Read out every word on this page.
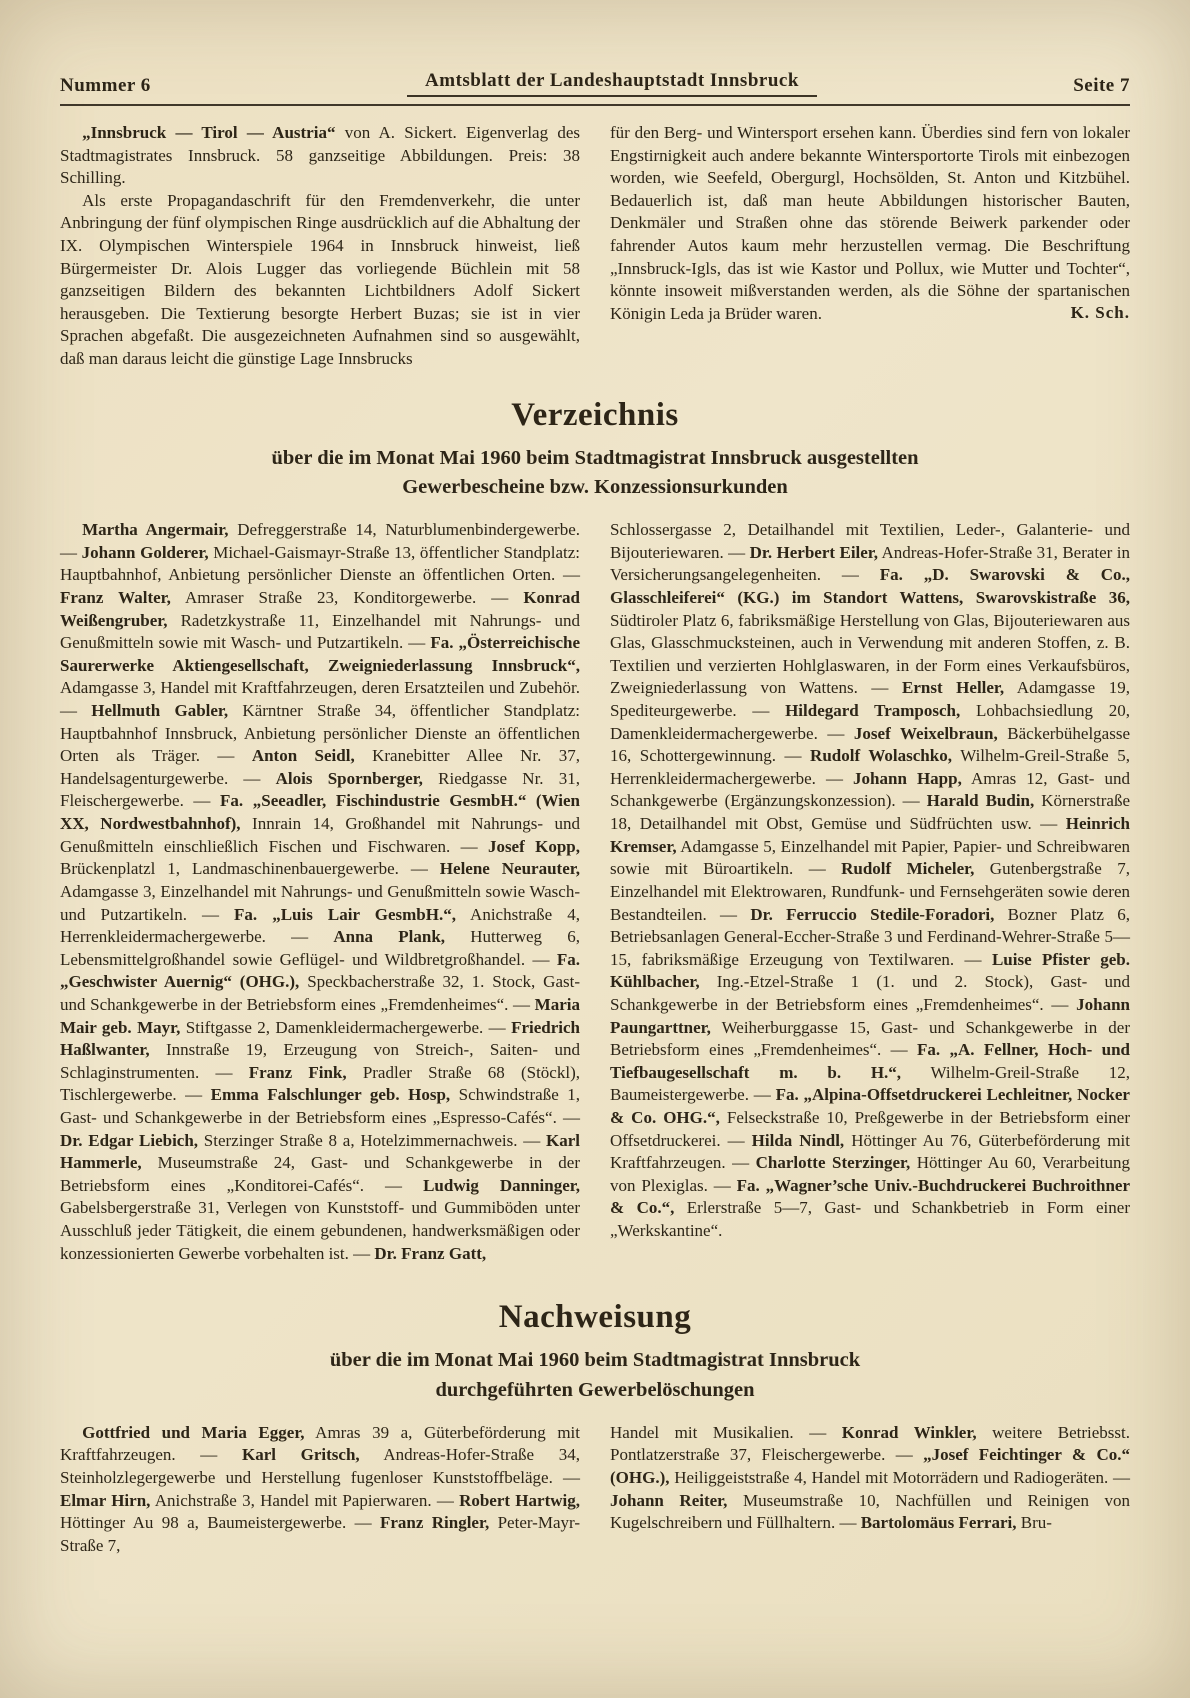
Nummer 6	Amtsblatt der Landeshauptstadt Innsbruck	Seite 7

„Innsbruck — Tirol — Austria“ von A. Sickert. Eigenverlag des Stadtmagistrates Innsbruck. 58 ganzseitige Abbildungen. Preis: 38 Schilling.

Als erste Propagandaschrift für den Fremdenverkehr, die unter Anbringung der fünf olympischen Ringe ausdrücklich auf die Abhaltung der IX. Olympischen Winterspiele 1964 in Innsbruck hinweist, ließ Bürgermeister Dr. Alois Lugger das vorliegende Büchlein mit 58 ganzseitigen Bildern des bekannten Lichtbildners Adolf Sickert herausgeben. Die Textierung besorgte Herbert Buzas; sie ist in vier Sprachen abgefaßt. Die ausgezeichneten Aufnahmen sind so ausgewählt, daß man daraus leicht die günstige Lage Innsbrucks

für den Berg- und Wintersport ersehen kann. Überdies sind fern von lokaler Engstirnigkeit auch andere bekannte Wintersportorte Tirols mit einbezogen worden, wie Seefeld, Obergurgl, Hochsölden, St. Anton und Kitzbühel. Bedauerlich ist, daß man heute Abbildungen historischer Bauten, Denkmäler und Straßen ohne das störende Beiwerk parkender oder fahrender Autos kaum mehr herzustellen vermag. Die Beschriftung „Innsbruck-Igls, das ist wie Kastor und Pollux, wie Mutter und Tochter“, könnte insoweit mißverstanden werden, als die Söhne der spartanischen Königin Leda ja Brüder waren.	K. Sch.
Verzeichnis
über die im Monat Mai 1960 beim Stadtmagistrat Innsbruck ausgestellten
Gewerbescheine bzw. Konzessionsurkunden

Martha Angermair, Defreggerstraße 14, Naturblumenbindergewerbe. — Johann Golderer, Michael-Gaismayr-Straße 13, öffentlicher Standplatz: Hauptbahnhof, Anbietung persönlicher Dienste an öffentlichen Orten. — Franz Walter, Amraser Straße 23, Konditorgewerbe. — Konrad Weißengruber, Radetzkystraße 11, Einzelhandel mit Nahrungs- und Genußmitteln sowie mit Wasch- und Putzartikeln. — Fa. „Österreichische Saurerwerke Aktiengesellschaft, Zweigniederlassung Innsbruck“, Adamgasse 3, Handel mit Kraftfahrzeugen, deren Ersatzteilen und Zubehör. — Hellmuth Gabler, Kärntner Straße 34, öffentlicher Standplatz: Hauptbahnhof Innsbruck, Anbietung persönlicher Dienste an öffentlichen Orten als Träger. — Anton Seidl, Kranebitter Allee Nr. 37, Handelsagenturgewerbe. — Alois Spornberger, Riedgasse Nr. 31, Fleischergewerbe. — Fa. „Seeadler, Fischindustrie GesmbH.“ (Wien XX, Nordwestbahnhof), Innrain 14, Großhandel mit Nahrungs- und Genußmitteln einschließlich Fischen und Fischwaren. — Josef Kopp, Brückenplatzl 1, Landmaschinenbauergewerbe. — Helene Neurauter, Adamgasse 3, Einzelhandel mit Nahrungs- und Genußmitteln sowie Wasch- und Putzartikeln. — Fa. „Luis Lair GesmbH.“, Anichstraße 4, Herrenkleidermachergewerbe. — Anna Plank, Hutterweg 6, Lebensmittelgroßhandel sowie Geflügel- und Wildbretgroßhandel. — Fa. „Geschwister Auernig“ (OHG.), Speckbacherstraße 32, 1. Stock, Gast- und Schankgewerbe in der Betriebsform eines „Fremdenheimes“. — Maria Mair geb. Mayr, Stiftgasse 2, Damenkleidermachergewerbe. — Friedrich Haßlwanter, Innstraße 19, Erzeugung von Streich-, Saiten- und Schlaginstrumenten. — Franz Fink, Pradler Straße 68 (Stöckl), Tischlergewerbe. — Emma Falschlunger geb. Hosp, Schwindstraße 1, Gast- und Schankgewerbe in der Betriebsform eines „Espresso-Cafés“. — Dr. Edgar Liebich, Sterzinger Straße 8 a, Hotelzimmernachweis. — Karl Hammerle, Museumstraße 24, Gast- und Schankgewerbe in der Betriebsform eines „Konditorei-Cafés“. — Ludwig Danninger, Gabelsbergerstraße 31, Verlegen von Kunststoff- und Gummiböden unter Ausschluß jeder Tätigkeit, die einem gebundenen, handwerksmäßigen oder konzessionierten Gewerbe vorbehalten ist. — Dr. Franz Gatt,

Schlossergasse 2, Detailhandel mit Textilien, Leder-, Galanterie- und Bijouteriewaren. — Dr. Herbert Eiler, Andreas-Hofer-Straße 31, Berater in Versicherungsangelegenheiten. — Fa. „D. Swarovski & Co., Glasschleiferei“ (KG.) im Standort Wattens, Swarovskistraße 36, Südtiroler Platz 6, fabriksmäßige Herstellung von Glas, Bijouteriewaren aus Glas, Glasschmucksteinen, auch in Verwendung mit anderen Stoffen, z. B. Textilien und verzierten Hohlglaswaren, in der Form eines Verkaufsbüros, Zweigniederlassung von Wattens. — Ernst Heller, Adamgasse 19, Spediteurgewerbe. — Hildegard Tramposch, Lohbachsiedlung 20, Damenkleidermachergewerbe. — Josef Weixelbraun, Bäckerbühelgasse 16, Schottergewinnung. — Rudolf Wolaschko, Wilhelm-Greil-Straße 5, Herrenkleidermachergewerbe. — Johann Happ, Amras 12, Gast- und Schankgewerbe (Ergänzungskonzession). — Harald Budin, Körnerstraße 18, Detailhandel mit Obst, Gemüse und Südfrüchten usw. — Heinrich Kremser, Adamgasse 5, Einzelhandel mit Papier, Papier- und Schreibwaren sowie mit Büroartikeln. — Rudolf Micheler, Gutenbergstraße 7, Einzelhandel mit Elektrowaren, Rundfunk- und Fernsehgeräten sowie deren Bestandteilen. — Dr. Ferruccio Stedile-Foradori, Bozner Platz 6, Betriebsanlagen General-Eccher-Straße 3 und Ferdinand-Wehrer-Straße 5—15, fabriksmäßige Erzeugung von Textilwaren. — Luise Pfister geb. Kühlbacher, Ing.-Etzel-Straße 1 (1. und 2. Stock), Gast- und Schankgewerbe in der Betriebsform eines „Fremdenheimes“. — Johann Paungarttner, Weiherburggasse 15, Gast- und Schankgewerbe in der Betriebsform eines „Fremdenheimes“. — Fa. „A. Fellner, Hoch- und Tiefbaugesellschaft m. b. H.“, Wilhelm-Greil-Straße 12, Baumeistergewerbe. — Fa. „Alpina-Offsetdruckerei Lechleitner, Nocker & Co. OHG.“, Felseckstraße 10, Preßgewerbe in der Betriebsform einer Offsetdruckerei. — Hilda Nindl, Höttinger Au 76, Güterbeförderung mit Kraftfahrzeugen. — Charlotte Sterzinger, Höttinger Au 60, Verarbeitung von Plexiglas. — Fa. „Wagner’sche Univ.-Buchdruckerei Buchroithner & Co.“, Erlerstraße 5—7, Gast- und Schankbetrieb in Form einer „Werkskantine“.

Nachweisung
über die im Monat Mai 1960 beim Stadtmagistrat Innsbruck
durchgeführten Gewerbelöschungen

Gottfried und Maria Egger, Amras 39 a, Güterbeförderung mit Kraftfahrzeugen. — Karl Gritsch, Andreas-Hofer-Straße 34, Steinholzlegergewerbe und Herstellung fugenloser Kunststoffbeläge. — Elmar Hirn, Anichstraße 3, Handel mit Papierwaren. — Robert Hartwig, Höttinger Au 98 a, Baumeistergewerbe. — Franz Ringler, Peter-Mayr-Straße 7,

Handel mit Musikalien. — Konrad Winkler, weitere Betriebsst. Pontlatzerstraße 37, Fleischergewerbe. — „Josef Feichtinger & Co.“ (OHG.), Heiliggeiststraße 4, Handel mit Motorrädern und Radiogeräten. — Johann Reiter, Museumstraße 10, Nachfüllen und Reinigen von Kugelschreibern und Füllhaltern. — Bartolomäus Ferrari, Bru-
